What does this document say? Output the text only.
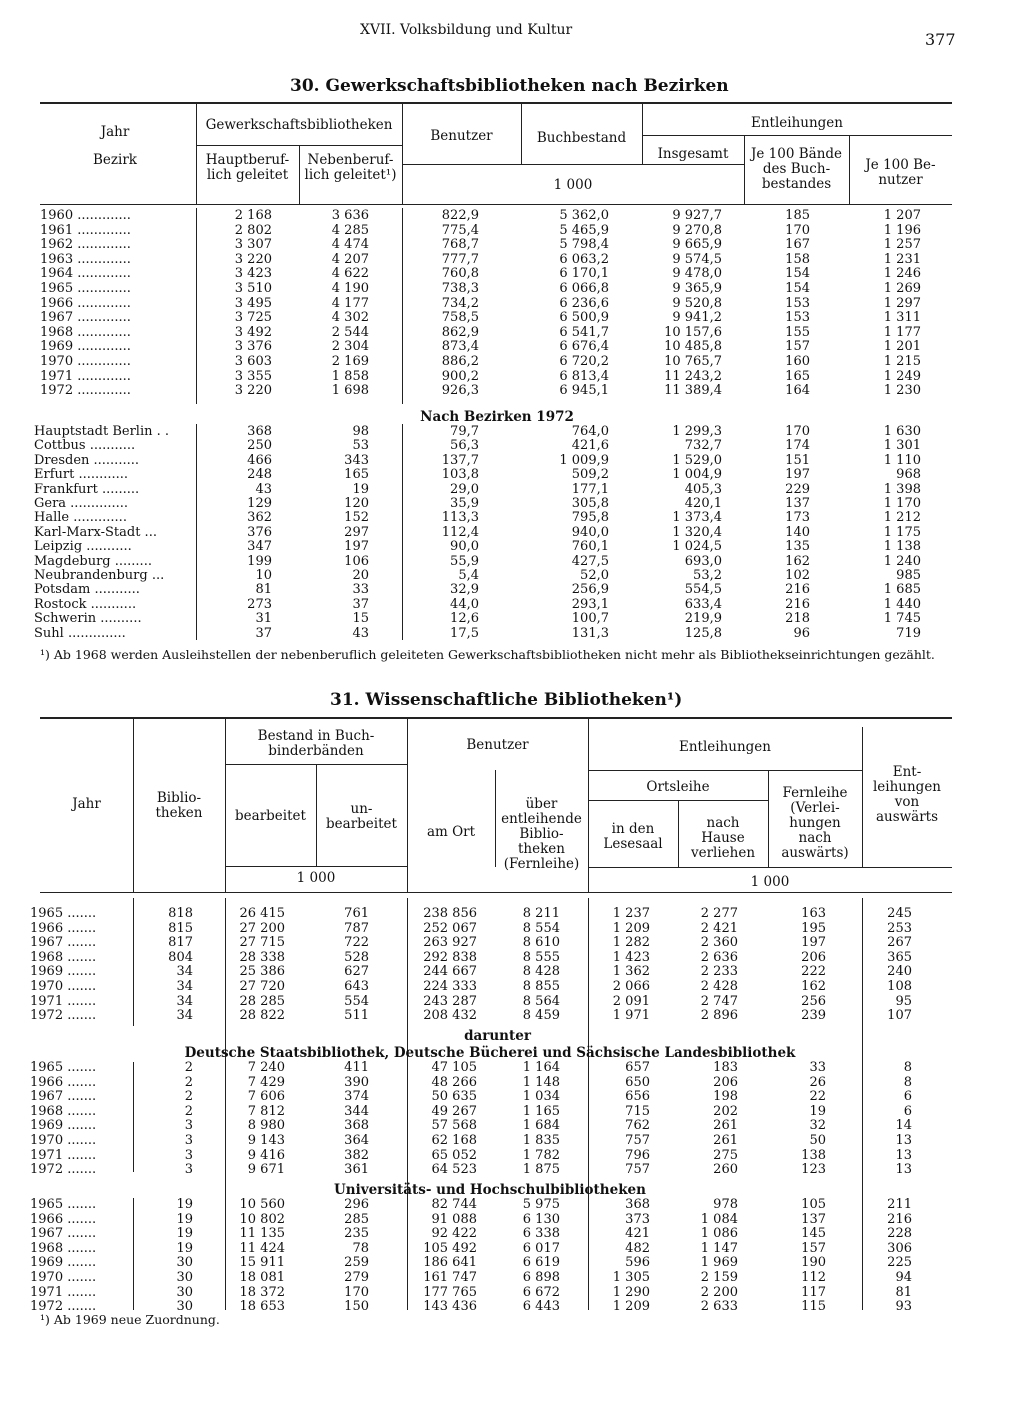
XVII. Volksbildung und Kultur	377
30. Gewerkschaftsbibliotheken nach Bezirken
Jahr
Bezirk
Gewerkschaftsbibliotheken
Hauptberuf-
lich geleitet
Nebenberuf-
lich geleitet¹)
Benutzer	Buchbestand
Entleihungen
Insgesamt	Je 100 Bände
des Buch-
bestandes
Je 100 Be-
nutzer
1 000
1960 .............	2 168	3 636	822,9	5 362,0	9 927,7	185	1 207
1961 .............	2 802	4 285	775,4	5 465,9	9 270,8	170	1 196
1962 .............	3 307	4 474	768,7	5 798,4	9 665,9	167	1 257
1963 .............	3 220	4 207	777,7	6 063,2	9 574,5	158	1 231
1964 .............	3 423	4 622	760,8	6 170,1	9 478,0	154	1 246
1965 .............	3 510	4 190	738,3	6 066,8	9 365,9	154	1 269
1966 .............	3 495	4 177	734,2	6 236,6	9 520,8	153	1 297
1967 .............	3 725	4 302	758,5	6 500,9	9 941,2	153	1 311
1968 .............	3 492	2 544	862,9	6 541,7	10 157,6	155	1 177
1969 .............	3 376	2 304	873,4	6 676,4	10 485,8	157	1 201
1970 .............	3 603	2 169	886,2	6 720,2	10 765,7	160	1 215
1971 .............	3 355	1 858	900,2	6 813,4	11 243,2	165	1 249
1972 .............	3 220	1 698	926,3	6 945,1	11 389,4	164	1 230
Nach Bezirken 1972
Hauptstadt Berlin . .	368	98	79,7	764,0	1 299,3	170	1 630
Cottbus ...........	250	53	56,3	421,6	732,7	174	1 301
Dresden ...........	466	343	137,7	1 009,9	1 529,0	151	1 110
Erfurt ............	248	165	103,8	509,2	1 004,9	197	968
Frankfurt .........	43	19	29,0	177,1	405,3	229	1 398
Gera ..............	129	120	35,9	305,8	420,1	137	1 170
Halle .............	362	152	113,3	795,8	1 373,4	173	1 212
Karl-Marx-Stadt ...	376	297	112,4	940,0	1 320,4	140	1 175
Leipzig ...........	347	197	90,0	760,1	1 024,5	135	1 138
Magdeburg .........	199	106	55,9	427,5	693,0	162	1 240
Neubrandenburg ...	10	20	5,4	52,0	53,2	102	985
Potsdam ...........	81	33	32,9	256,9	554,5	216	1 685
Rostock ...........	273	37	44,0	293,1	633,4	216	1 440
Schwerin ..........	31	15	12,6	100,7	219,9	218	1 745
Suhl ..............	37	43	17,5	131,3	125,8	96	719
¹) Ab 1968 werden Ausleihstellen der nebenberuflich geleiteten Gewerkschaftsbibliotheken nicht mehr als Bibliothekseinrichtungen gezählt.
31. Wissenschaftliche Bibliotheken¹)
Jahr	Biblio-
theken
Bestand in Buch-
binderbänden
bearbeitet	un-
bearbeitet
Benutzer
am Ort
über
entleihende
Biblio-
theken
(Fernleihe)
Entleihungen
Ortsleihe
in den
Lesesaal
nach
Hause
verliehen
Fernleihe
(Verlei-
hungen
nach
auswärts)
Ent-
leihungen
von
auswärts
1 000	1 000
1965 .......	818	26 415	761	238 856	8 211	1 237	2 277	163	245
1966 .......	815	27 200	787	252 067	8 554	1 209	2 421	195	253
1967 .......	817	27 715	722	263 927	8 610	1 282	2 360	197	267
1968 .......	804	28 338	528	292 838	8 555	1 423	2 636	206	365
1969 .......	34	25 386	627	244 667	8 428	1 362	2 233	222	240
1970 .......	34	27 720	643	224 333	8 855	2 066	2 428	162	108
1971 .......	34	28 285	554	243 287	8 564	2 091	2 747	256	95
1972 .......	34	28 822	511	208 432	8 459	1 971	2 896	239	107
darunter
Deutsche Staatsbibliothek, Deutsche Bücherei und Sächsische Landesbibliothek
1965 .......	2	7 240	411	47 105	1 164	657	183	33	8
1966 .......	2	7 429	390	48 266	1 148	650	206	26	8
1967 .......	2	7 606	374	50 635	1 034	656	198	22	6
1968 .......	2	7 812	344	49 267	1 165	715	202	19	6
1969 .......	3	8 980	368	57 568	1 684	762	261	32	14
1970 .......	3	9 143	364	62 168	1 835	757	261	50	13
1971 .......	3	9 416	382	65 052	1 782	796	275	138	13
1972 .......	3	9 671	361	64 523	1 875	757	260	123	13
Universitäts- und Hochschulbibliotheken
1965 .......	19	10 560	296	82 744	5 975	368	978	105	211
1966 .......	19	10 802	285	91 088	6 130	373	1 084	137	216
1967 .......	19	11 135	235	92 422	6 338	421	1 086	145	228
1968 .......	19	11 424	78	105 492	6 017	482	1 147	157	306
1969 .......	30	15 911	259	186 641	6 619	596	1 969	190	225
1970 .......	30	18 081	279	161 747	6 898	1 305	2 159	112	94
1971 .......	30	18 372	170	177 765	6 672	1 290	2 200	117	81
1972 .......	30	18 653	150	143 436	6 443	1 209	2 633	115	93
¹) Ab 1969 neue Zuordnung.
